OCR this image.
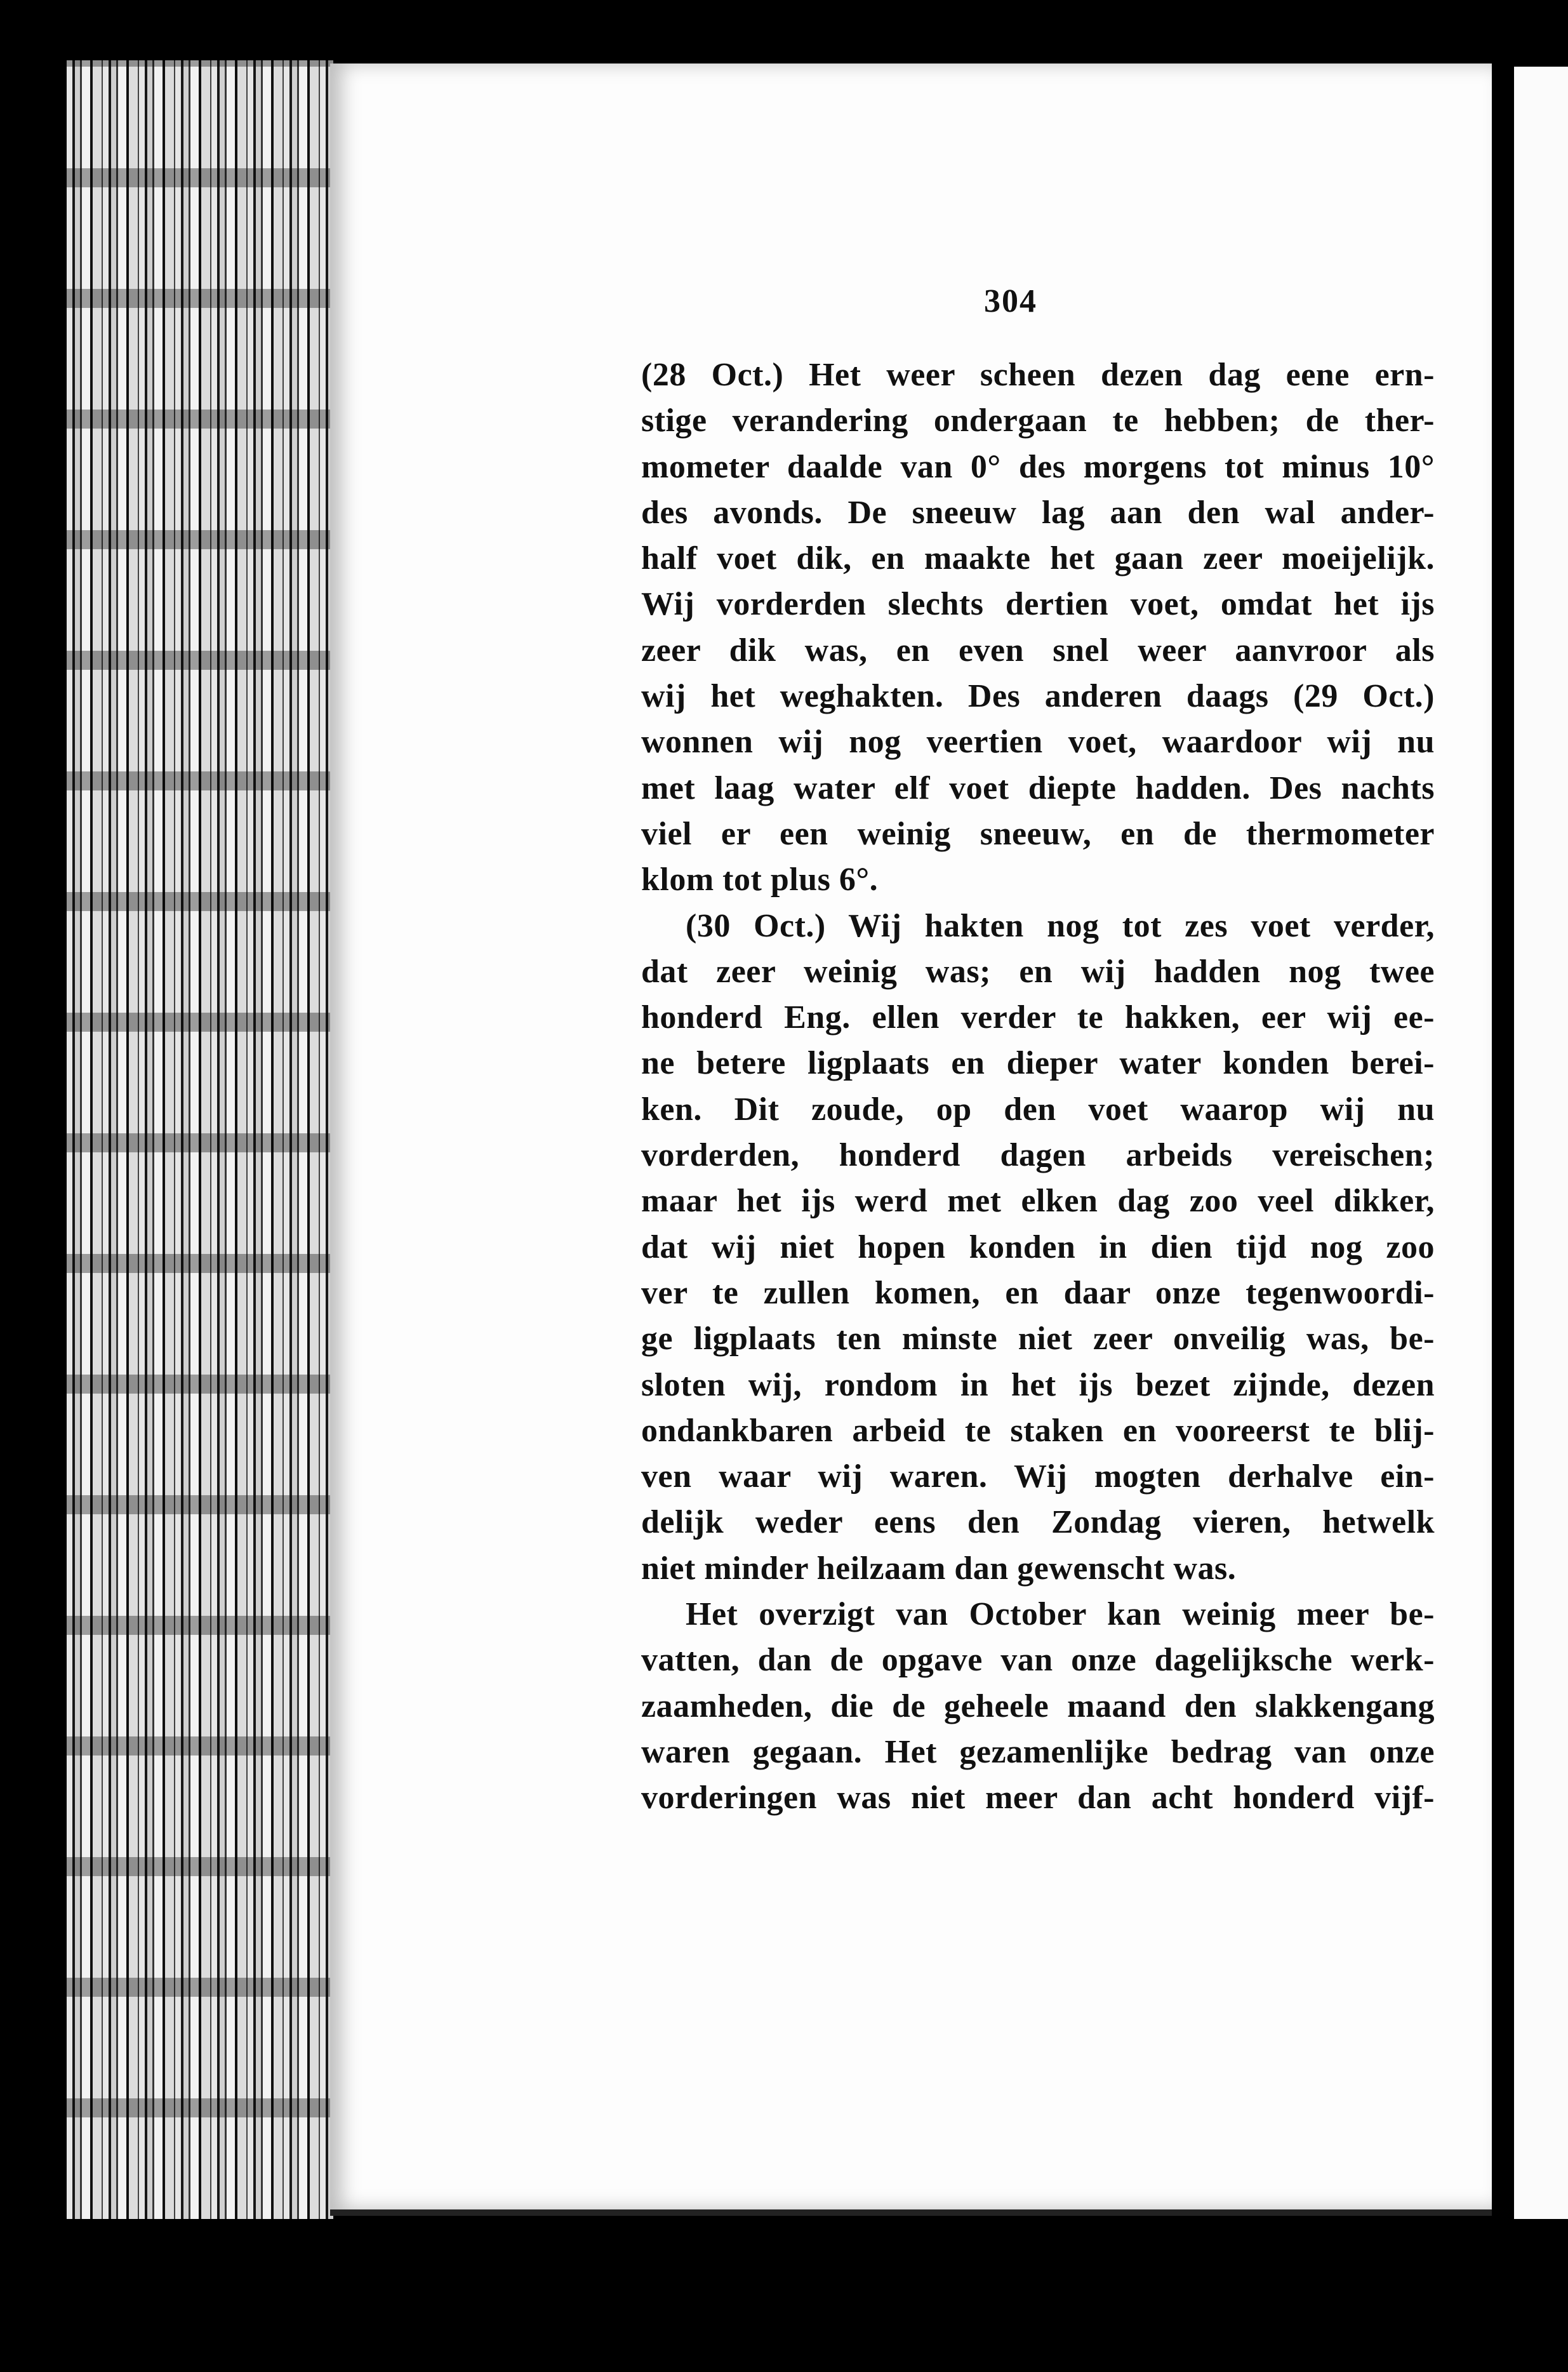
304
(28 Oct.) Het weer scheen dezen dag eene ern-
stige verandering ondergaan te hebben; de ther-
mometer daalde van 0° des morgens tot minus 10°
des avonds. De sneeuw lag aan den wal ander-
half voet dik, en maakte het gaan zeer moeijelijk.
Wij vorderden slechts dertien voet, omdat het ijs
zeer dik was, en even snel weer aanvroor als
wij het weghakten. Des anderen daags (29 Oct.)
wonnen wij nog veertien voet, waardoor wij nu
met laag water elf voet diepte hadden. Des nachts
viel er een weinig sneeuw, en de thermometer
klom tot plus 6°.
(30 Oct.) Wij hakten nog tot zes voet verder,
dat zeer weinig was; en wij hadden nog twee
honderd Eng. ellen verder te hakken, eer wij ee-
ne betere ligplaats en dieper water konden berei-
ken. Dit zoude, op den voet waarop wij nu
vorderden, honderd dagen arbeids vereischen;
maar het ijs werd met elken dag zoo veel dikker,
dat wij niet hopen konden in dien tijd nog zoo
ver te zullen komen, en daar onze tegenwoordi-
ge ligplaats ten minste niet zeer onveilig was, be-
sloten wij, rondom in het ijs bezet zijnde, dezen
ondankbaren arbeid te staken en vooreerst te blij-
ven waar wij waren. Wij mogten derhalve ein-
delijk weder eens den Zondag vieren, hetwelk
niet minder heilzaam dan gewenscht was.
Het overzigt van October kan weinig meer be-
vatten, dan de opgave van onze dagelijksche werk-
zaamheden, die de geheele maand den slakkengang
waren gegaan. Het gezamenlijke bedrag van onze
vorderingen was niet meer dan acht honderd vijf-
